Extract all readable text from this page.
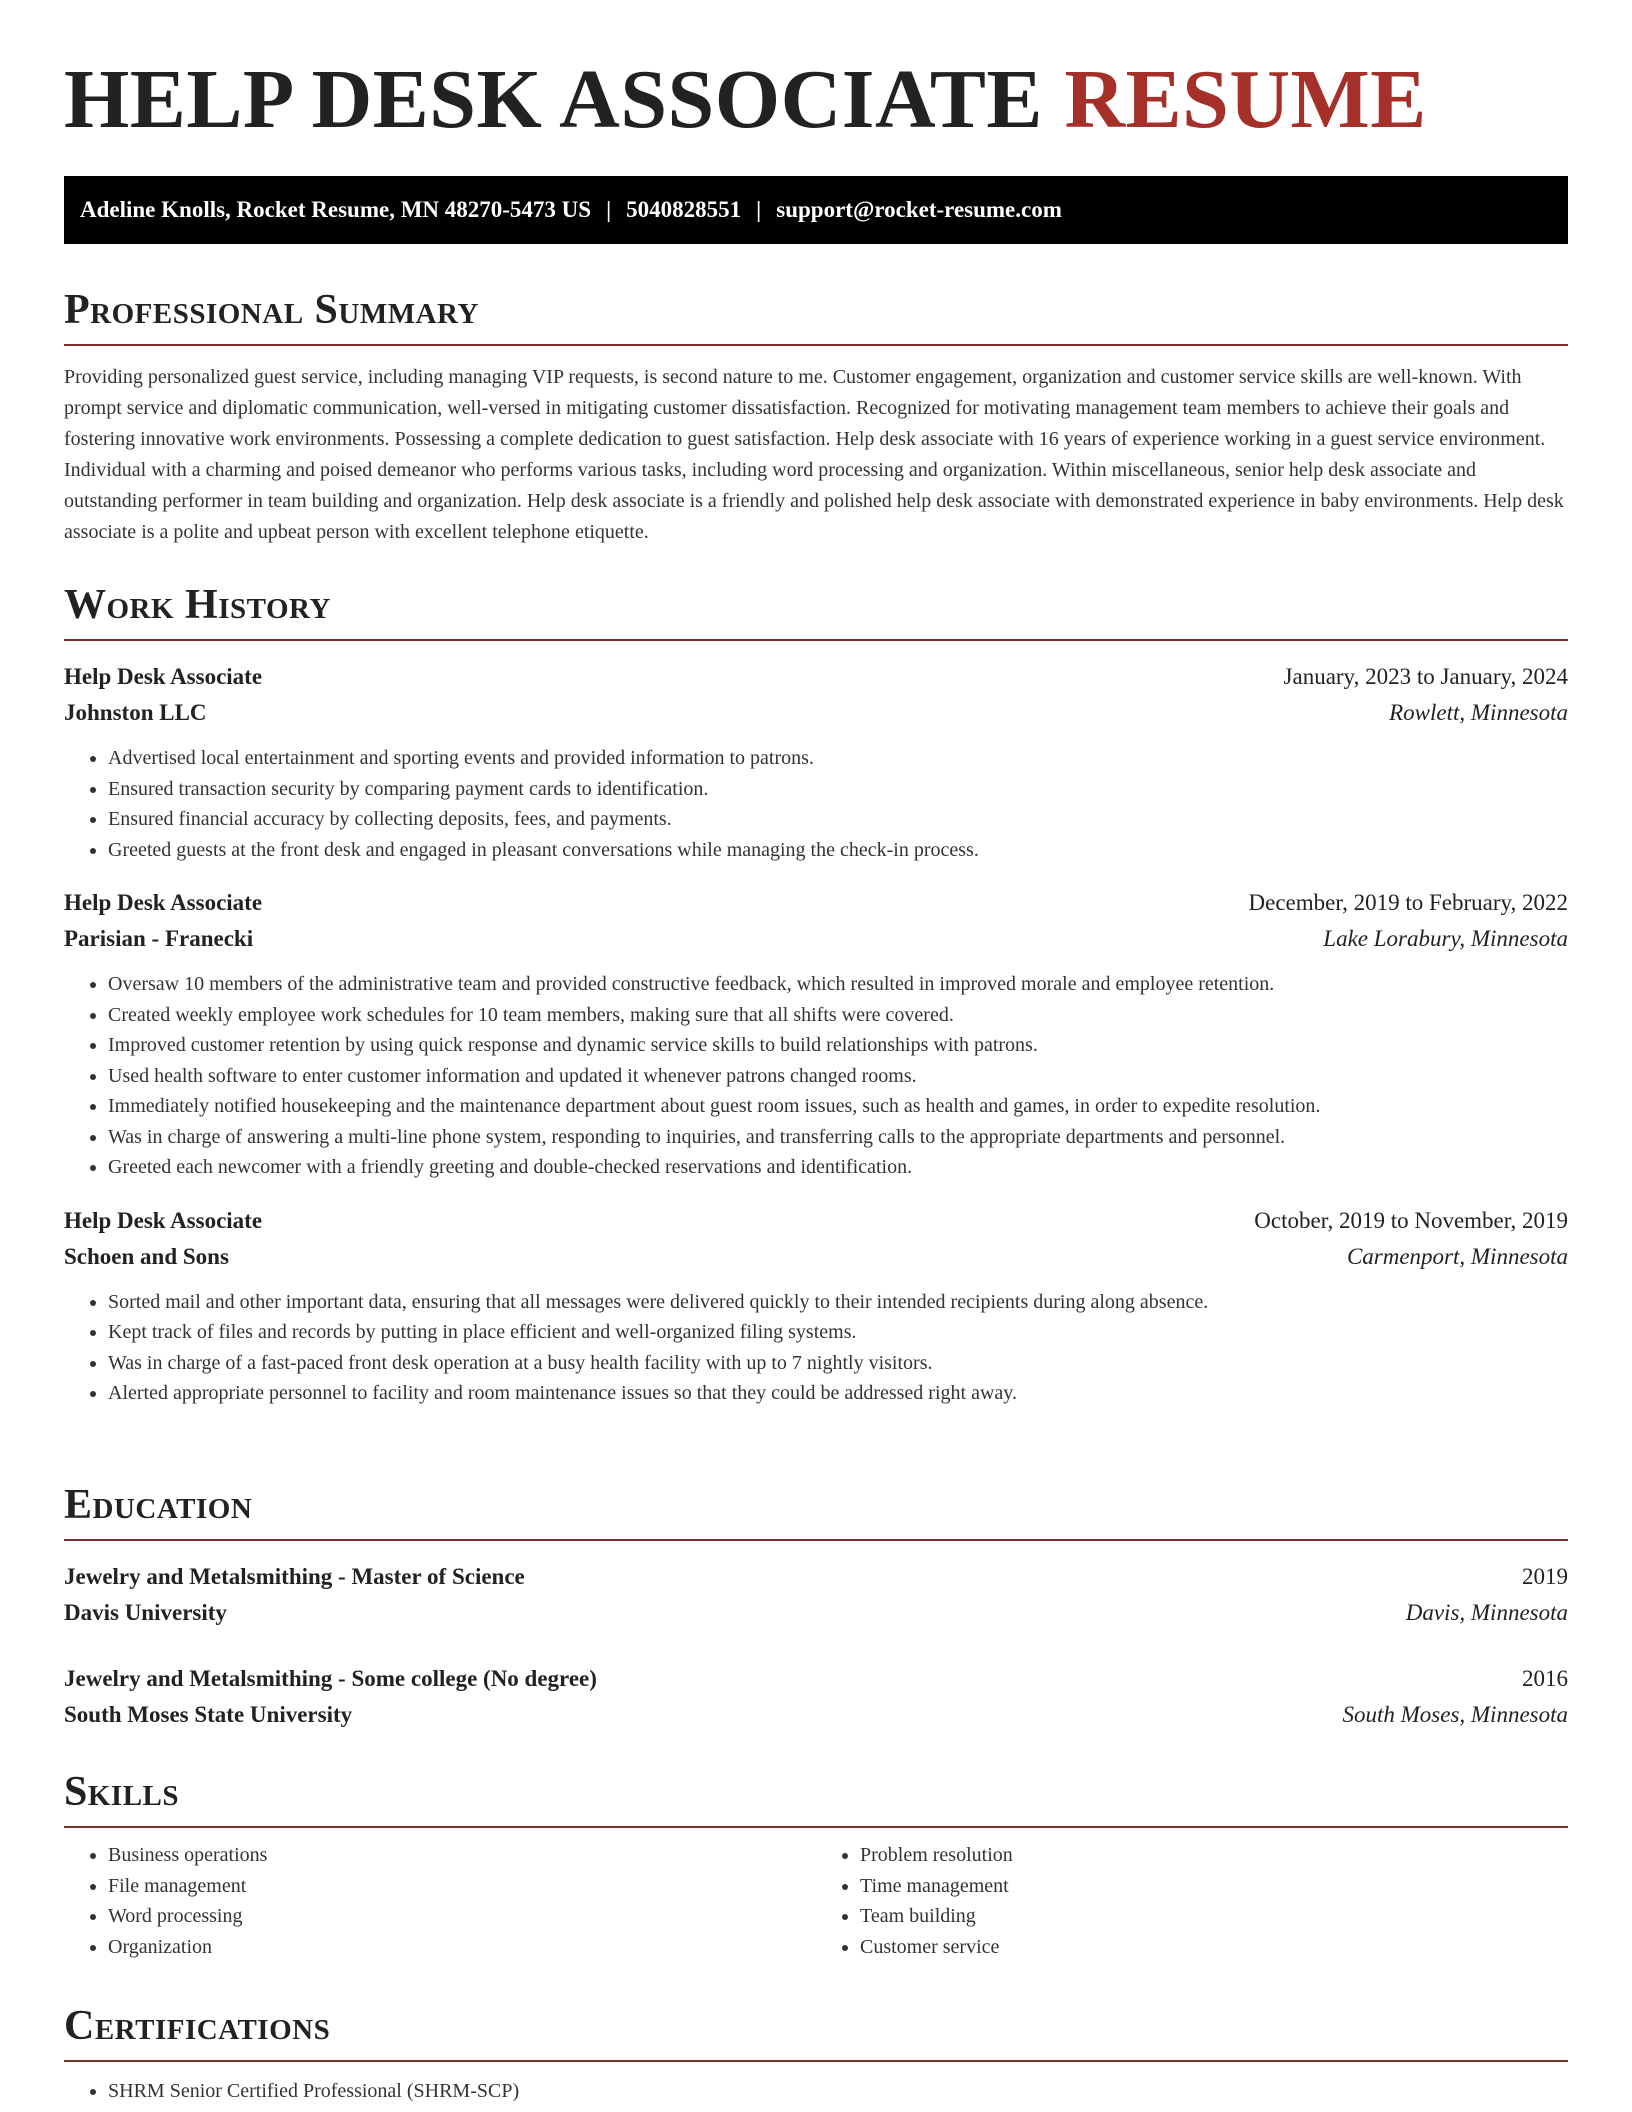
HELP DESK ASSOCIATE RESUME
Adeline Knolls, Rocket Resume, MN 48270-5473 US | 5040828551 | support@rocket-resume.com
Professional Summary

Providing personalized guest service, including managing VIP requests, is second nature to me. Customer engagement, organization and customer service skills are well-known. With prompt service and diplomatic communication, well-versed in mitigating customer dissatisfaction. Recognized for motivating management team members to achieve their goals and fostering innovative work environments. Possessing a complete dedication to guest satisfaction. Help desk associate with 16 years of experience working in a guest service environment. Individual with a charming and poised demeanor who performs various tasks, including word processing and organization. Within miscellaneous, senior help desk associate and outstanding performer in team building and organization. Help desk associate is a friendly and polished help desk associate with demonstrated experience in baby environments. Help desk associate is a polite and upbeat person with excellent telephone etiquette.

Work History
Help Desk Associate	January, 2023 to January, 2024
Johnston LLC	Rowlett, Minnesota
• Advertised local entertainment and sporting events and provided information to patrons.
• Ensured transaction security by comparing payment cards to identification.
• Ensured financial accuracy by collecting deposits, fees, and payments.
• Greeted guests at the front desk and engaged in pleasant conversations while managing the check-in process.
Help Desk Associate	December, 2019 to February, 2022
Parisian - Franecki	Lake Lorabury, Minnesota
• Oversaw 10 members of the administrative team and provided constructive feedback, which resulted in improved morale and employee retention.
• Created weekly employee work schedules for 10 team members, making sure that all shifts were covered.
• Improved customer retention by using quick response and dynamic service skills to build relationships with patrons.
• Used health software to enter customer information and updated it whenever patrons changed rooms.
• Immediately notified housekeeping and the maintenance department about guest room issues, such as health and games, in order to expedite resolution.
• Was in charge of answering a multi-line phone system, responding to inquiries, and transferring calls to the appropriate departments and personnel.
• Greeted each newcomer with a friendly greeting and double-checked reservations and identification.
Help Desk Associate	October, 2019 to November, 2019
Schoen and Sons	Carmenport, Minnesota
• Sorted mail and other important data, ensuring that all messages were delivered quickly to their intended recipients during along absence.
• Kept track of files and records by putting in place efficient and well-organized filing systems.
• Was in charge of a fast-paced front desk operation at a busy health facility with up to 7 nightly visitors.
• Alerted appropriate personnel to facility and room maintenance issues so that they could be addressed right away.
Education
Jewelry and Metalsmithing - Master of Science	2019
Davis University	Davis, Minnesota
Jewelry and Metalsmithing - Some college (No degree)	2016
South Moses State University	South Moses, Minnesota
Skills
• Business operations
• File management
• Word processing
• Organization
• Problem resolution
• Time management
• Team building
• Customer service
Certifications
• SHRM Senior Certified Professional (SHRM-SCP)
